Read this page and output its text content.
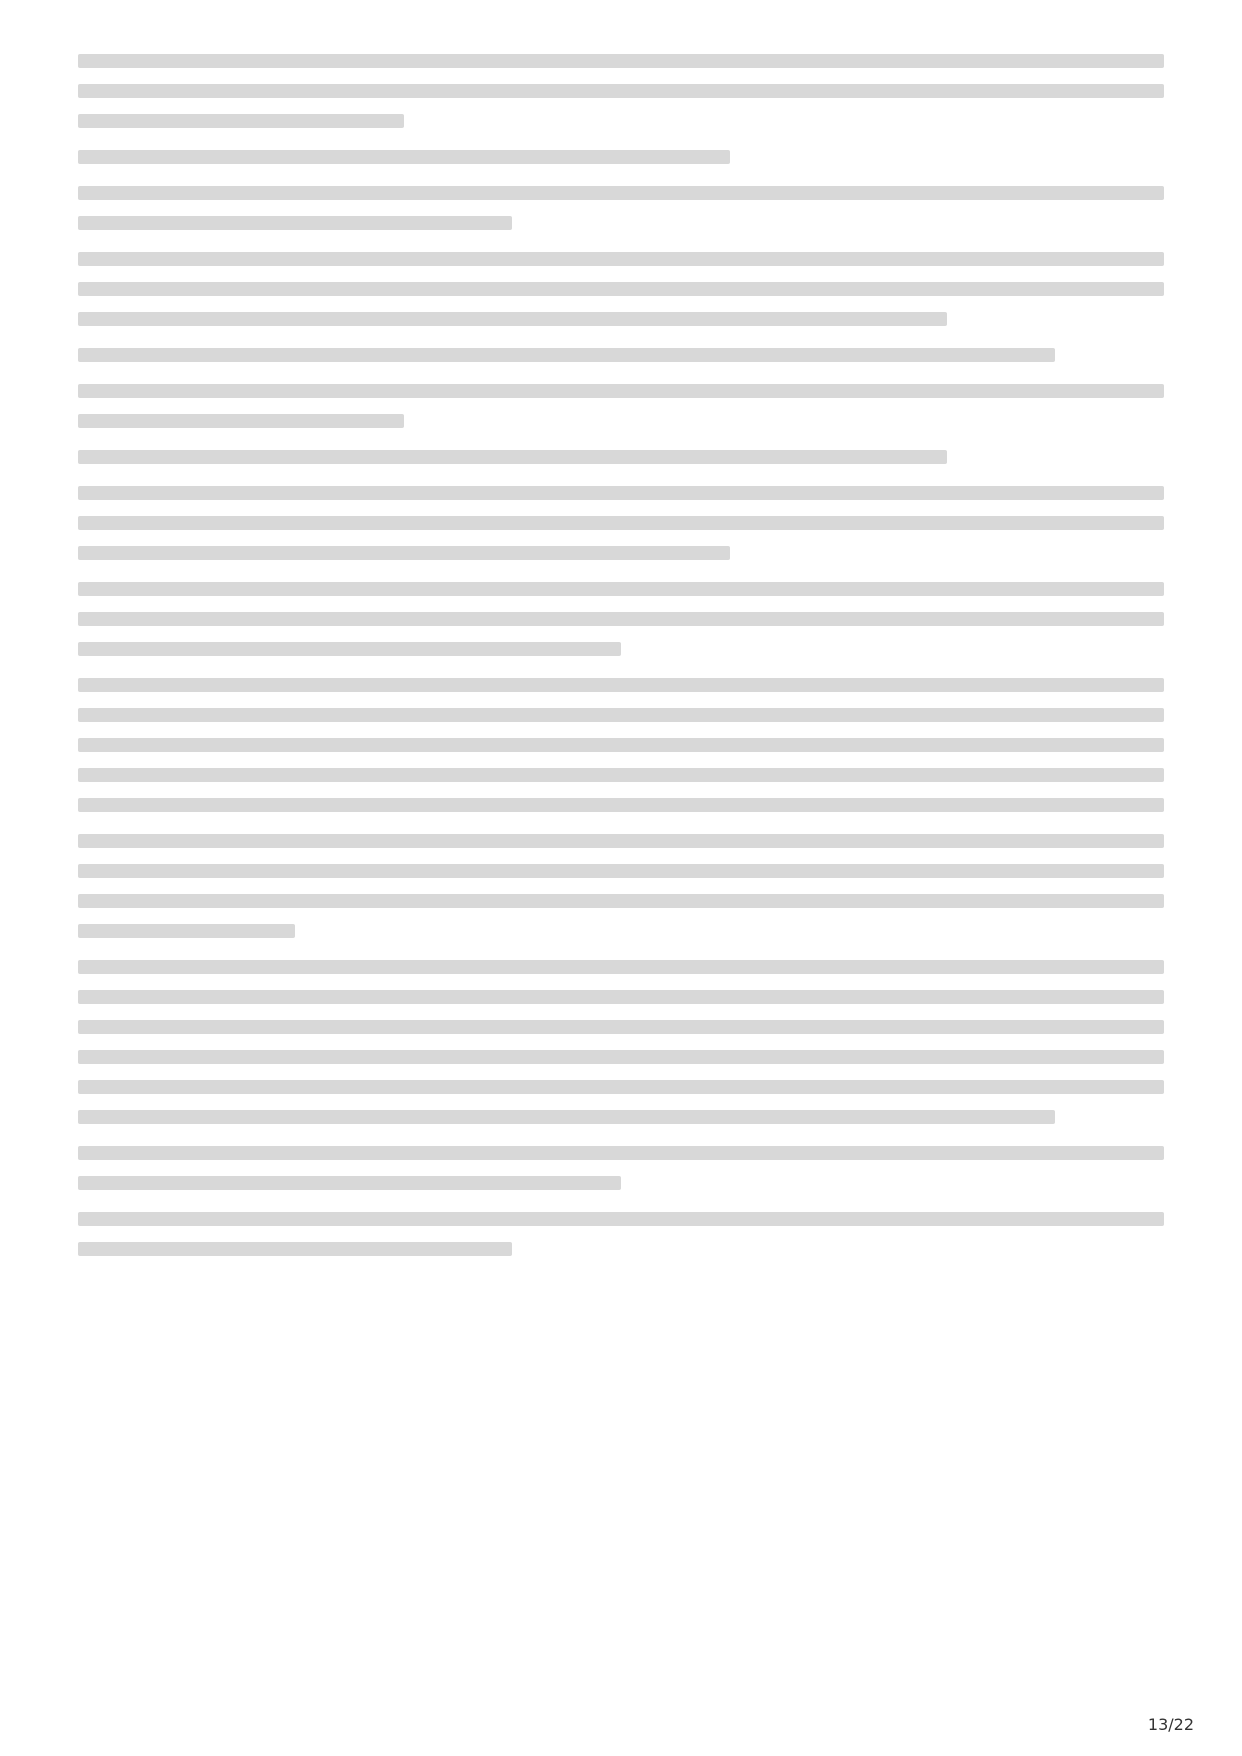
13/22
